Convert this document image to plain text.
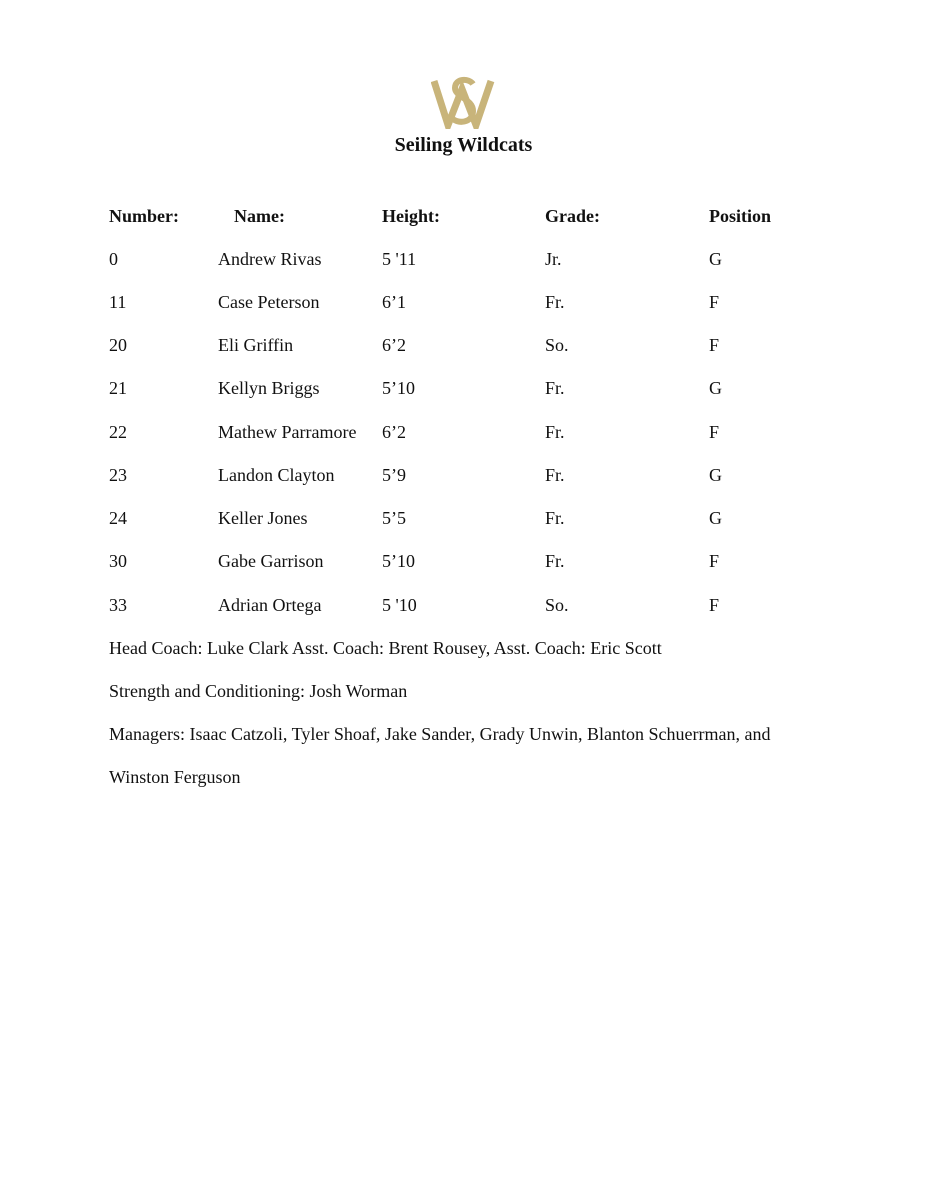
Seiling Wildcats
Number:	Name:	Height:	Grade:	Position
0	Andrew Rivas	5 '11	Jr.	G
11	Case Peterson	6’1	Fr.	F
20	Eli Griffin	6’2	So.	F
21	Kellyn Briggs	5’10	Fr.	G
22	Mathew Parramore 6’2	Fr.	F
23	Landon Clayton	5’9	Fr.	G
24	Keller Jones	5’5	Fr.	G
30	Gabe Garrison	5’10	Fr.	F
33	Adrian Ortega	5 '10	So.	F
Head Coach: Luke Clark Asst. Coach: Brent Rousey, Asst. Coach: Eric Scott
Strength and Conditioning: Josh Worman
Managers: Isaac Catzoli, Tyler Shoaf, Jake Sander, Grady Unwin, Blanton Schuerrman, and
Winston Ferguson
